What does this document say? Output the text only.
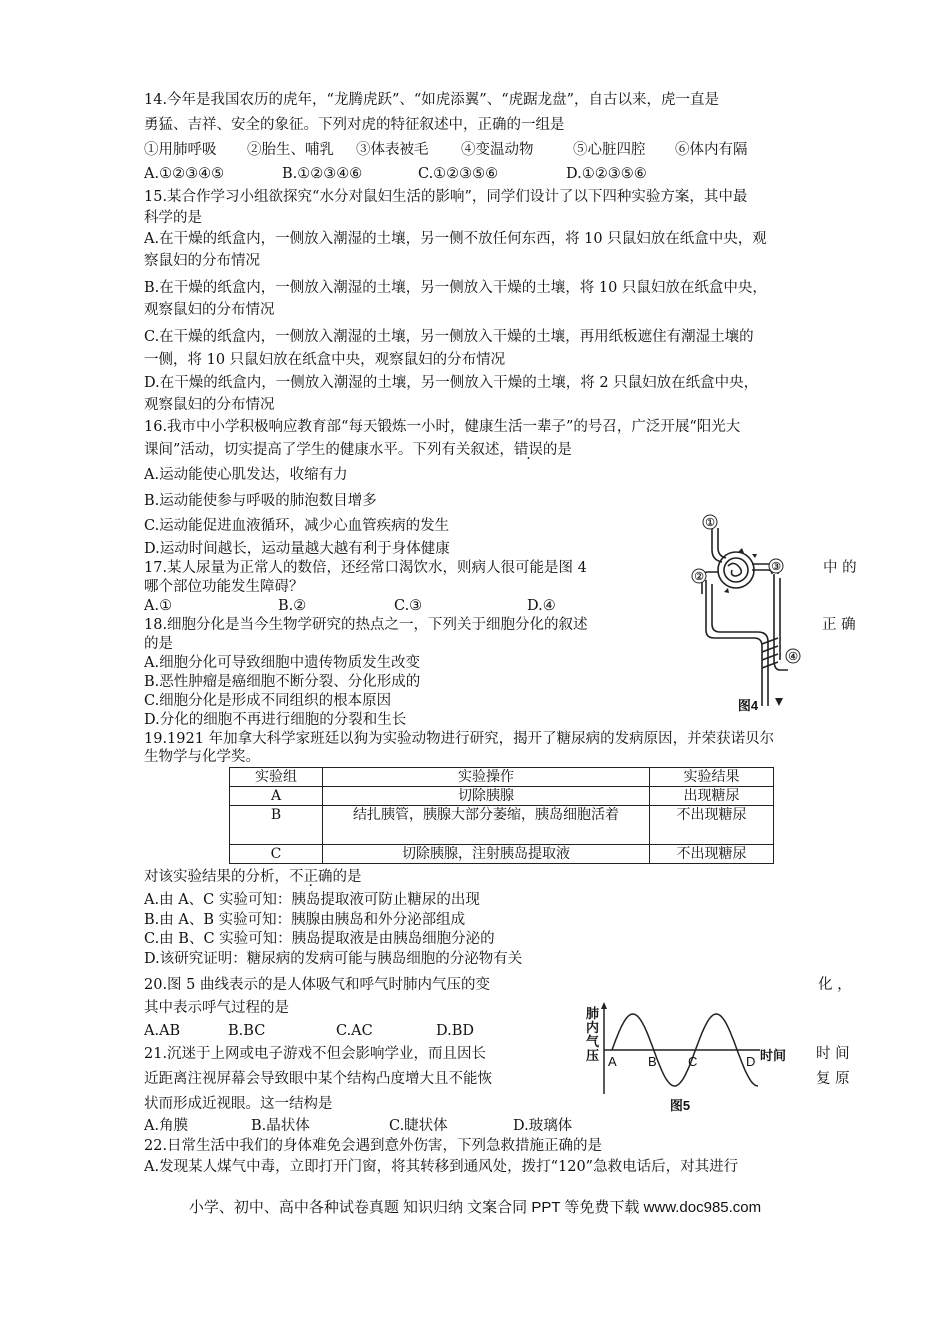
14.今年是我国农历的虎年，“龙腾虎跃”、“如虎添翼”、“虎踞龙盘”，自古以来，虎一直是
勇猛、吉祥、安全的象征。下列对虎的特征叙述中，正确的一组是
①用肺呼吸 ②胎生、哺乳 ③体表被毛 ④变温动物	⑤心脏四腔 ⑥体内有隔
A.①②③④⑤	B.①②③④⑥	C.①②③⑤⑥	D.①②③⑤⑥
15.某合作学习小组欲探究“水分对鼠妇生活的影响”，同学们设计了以下四种实验方案，其中最
科学的是
A.在干燥的纸盒内，一侧放入潮湿的土壤，另一侧不放任何东西，将 10 只鼠妇放在纸盒中央，观
察鼠妇的分布情况
B.在干燥的纸盒内，一侧放入潮湿的土壤，另一侧放入干燥的土壤，将 10 只鼠妇放在纸盒中央，
观察鼠妇的分布情况
C.在干燥的纸盒内，一侧放入潮湿的土壤，另一侧放入干燥的土壤，再用纸板遮住有潮湿土壤的
一侧，将 10 只鼠妇放在纸盒中央，观察鼠妇的分布情况
D.在干燥的纸盒内，一侧放入潮湿的土壤，另一侧放入干燥的土壤，将 2 只鼠妇放在纸盒中央，
观察鼠妇的分布情况
16.我市中小学积极响应教育部“每天锻炼一小时，健康生活一辈子”的号召，广泛开展“阳光大
课间”活动，切实提高了学生的健康水平。下列有关叙述，错误的是
A.运动能使心肌发达，收缩有力
B.运动能使参与呼吸的肺泡数目增多
C.运动能促进血液循环，减少心血管疾病的发生
D.运动时间越长，运动量越大越有利于身体健康
17.某人尿量为正常人的数倍，还经常口渴饮水，则病人很可能是图 4	中 的
哪个部位功能发生障碍？
A.①	B.②	C.③	D.④
18.细胞分化是当今生物学研究的热点之一，下列关于细胞分化的叙述	正 确
的是
A.细胞分化可导致细胞中遗传物质发生改变
B.恶性肿瘤是癌细胞不断分裂、分化形成的
C.细胞分化是形成不同组织的根本原因
D.分化的细胞不再进行细胞的分裂和生长
①
②
③
④
图4
19.1921 年加拿大科学家班廷以狗为实验动物进行研究，揭开了糖尿病的发病原因，并荣获诺贝尔
生物学与化学奖。
实验组	实验操作	实验结果
A	切除胰腺	出现糖尿
B	结扎胰管，胰腺大部分萎缩，胰岛细胞活着	不出现糖尿
C	切除胰腺，注射胰岛提取液	不出现糖尿
对该实验结果的分析，不正确的是
A.由 A、C 实验可知：胰岛提取液可防止糖尿的出现
B.由 A、B 实验可知：胰腺由胰岛和外分泌部组成
C.由 B、C 实验可知：胰岛提取液是由胰岛细胞分泌的
D.该研究证明：糖尿病的发病可能与胰岛细胞的分泌物有关
20.图 5 曲线表示的是人体吸气和呼气时肺内气压的变	化 ，
其中表示呼气过程的是
A.AB	B.BC	C.AC	D.BD
肺
内
气
压 A B C	D 时间
图5
21.沉迷于上网或电子游戏不但会影响学业，而且因长	时 间
近距离注视屏幕会导致眼中某个结构凸度增大且不能恢	复 原
状而形成近视眼。这一结构是
A.角膜	B.晶状体	C.睫状体	D.玻璃体
22.日常生活中我们的身体难免会遇到意外伤害，下列急救措施正确的是
A.发现某人煤气中毒，立即打开门窗，将其转移到通风处，拨打“120”急救电话后，对其进行
小学、初中、高中各种试卷真题 知识归纳 文案合同 PPT 等免费下载 www.doc985.com
